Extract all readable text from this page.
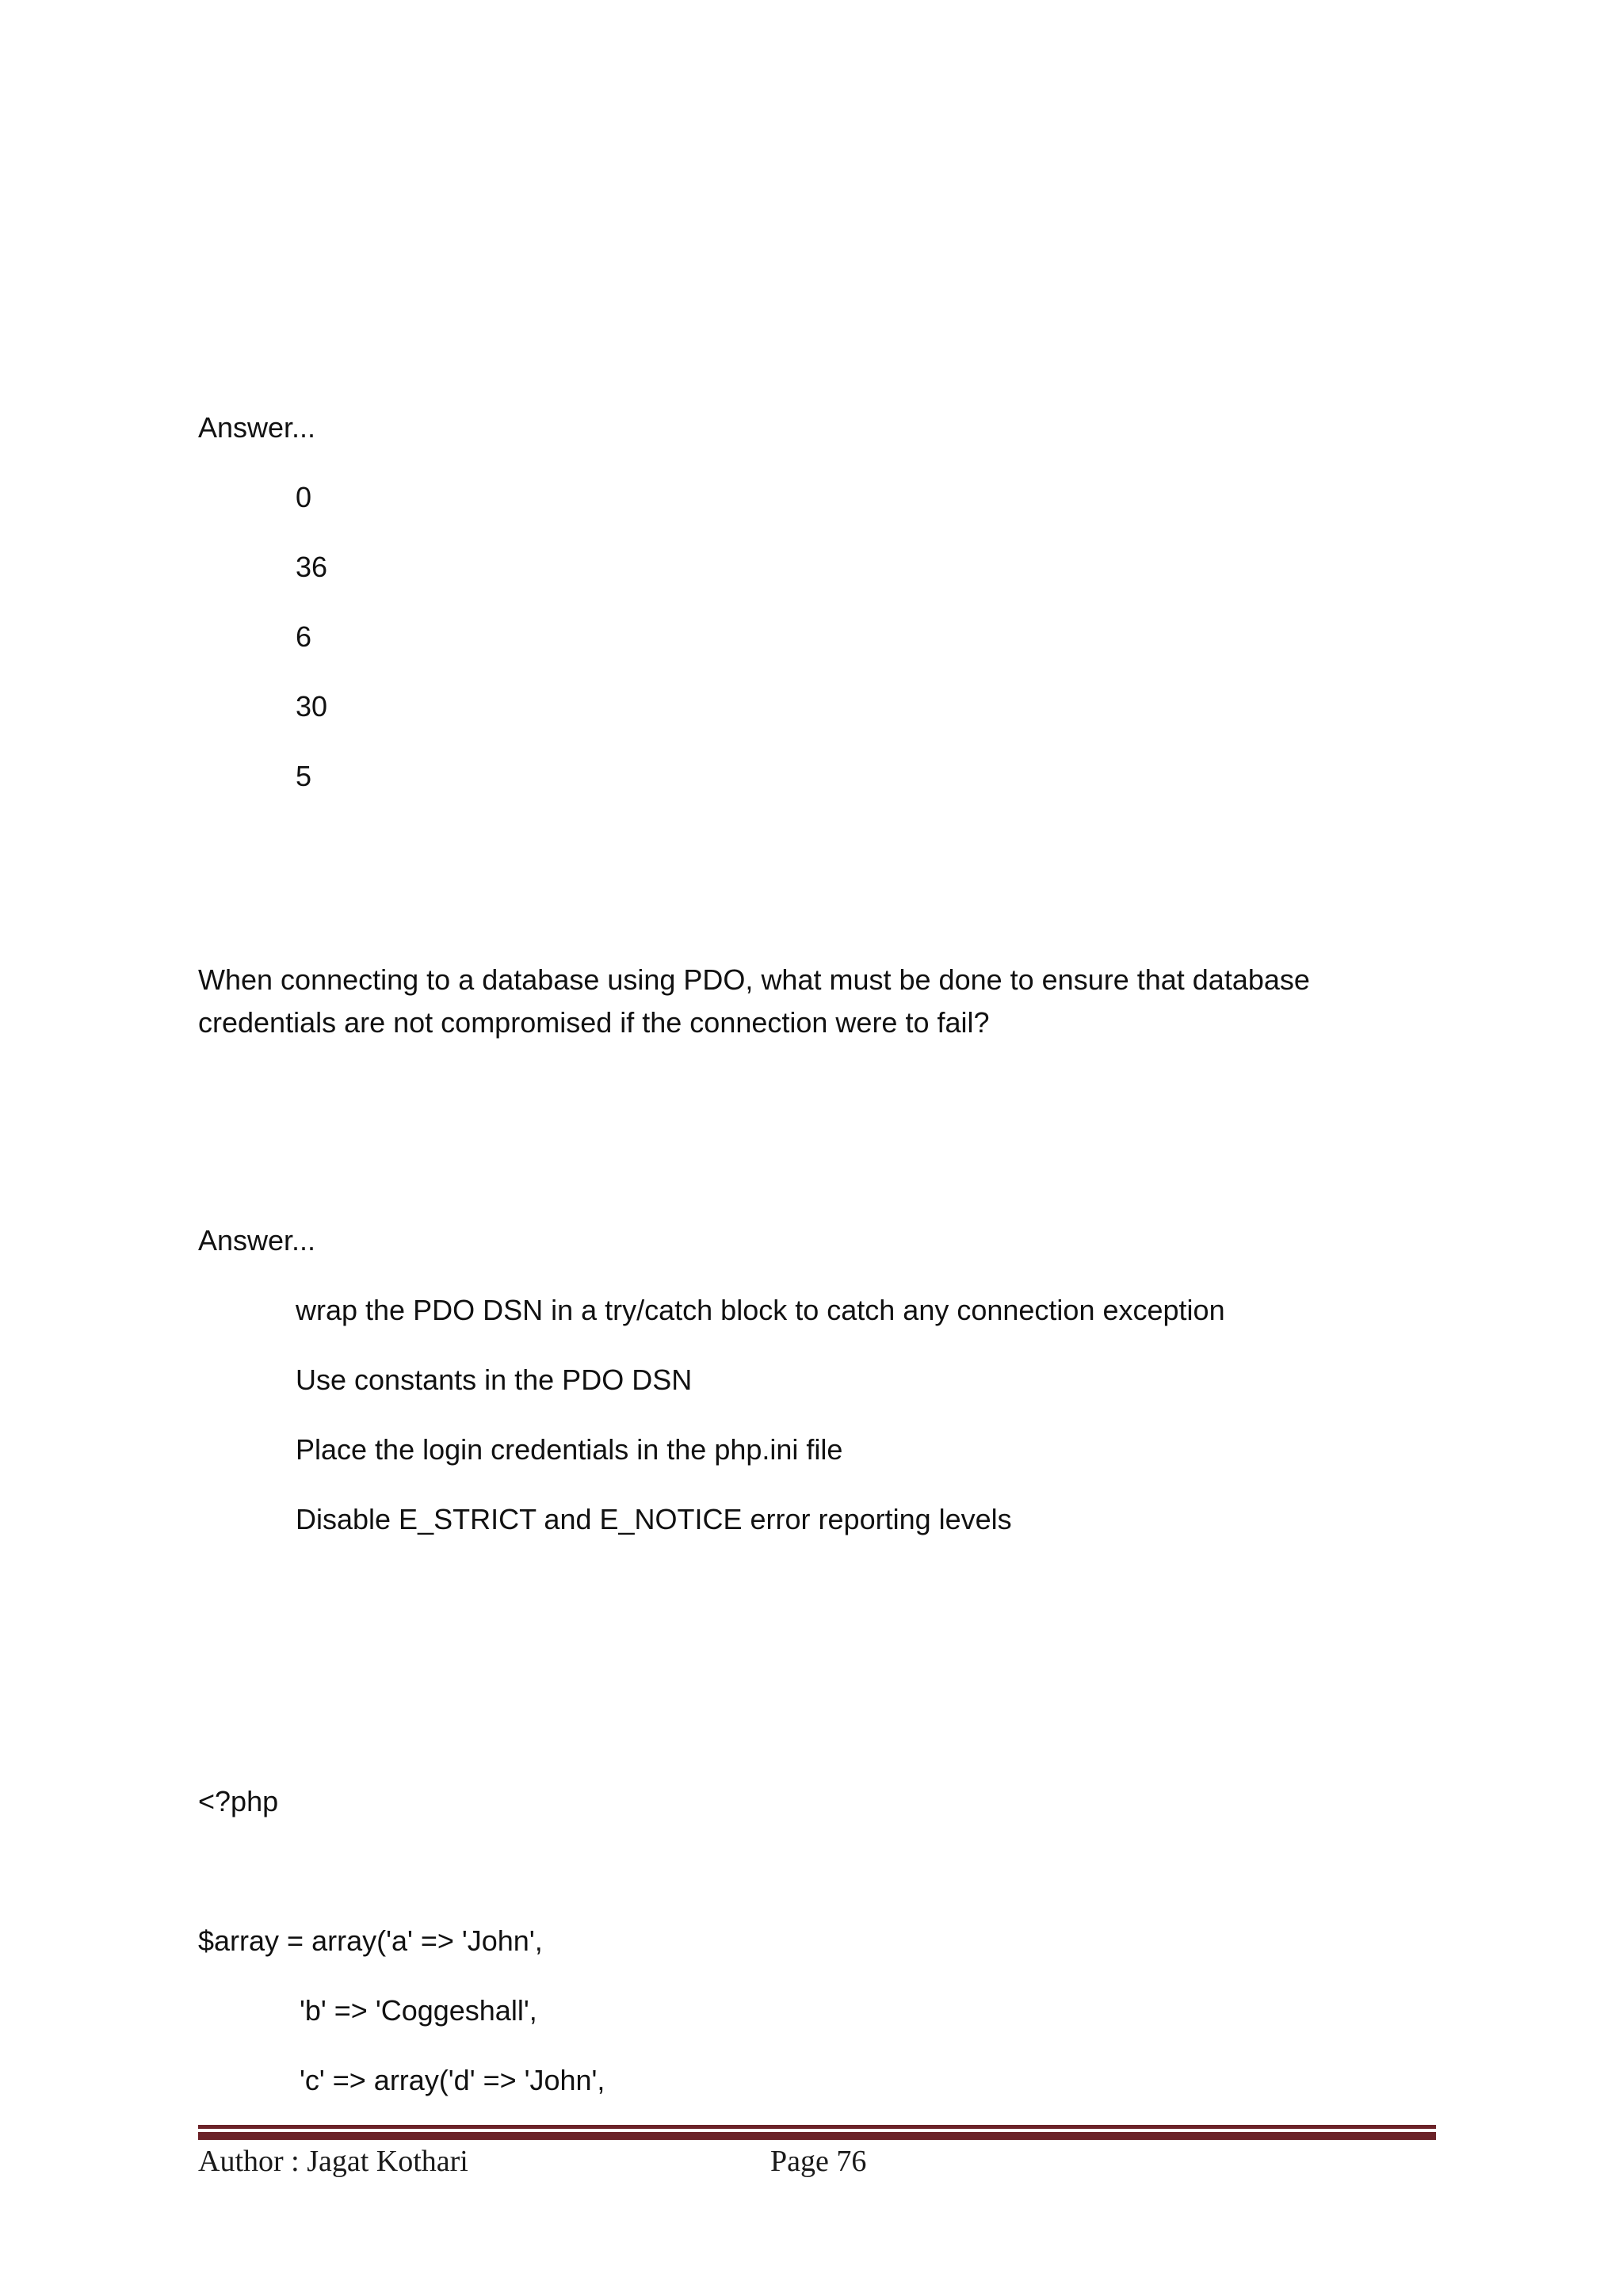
Answer...
0
36
6
30
5
When connecting to a database using PDO, what must be done to ensure that database credentials are not compromised if the connection were to fail?
Answer...
wrap the PDO DSN in a try/catch block to catch any connection exception
Use constants in the PDO DSN
Place the login credentials in the php.ini file
Disable E_STRICT and E_NOTICE error reporting levels
<?php
$array = array('a' => 'John',
'b' => 'Coggeshall',
'c' => array('d' => 'John',
Author : Jagat Kothari	Page 76
